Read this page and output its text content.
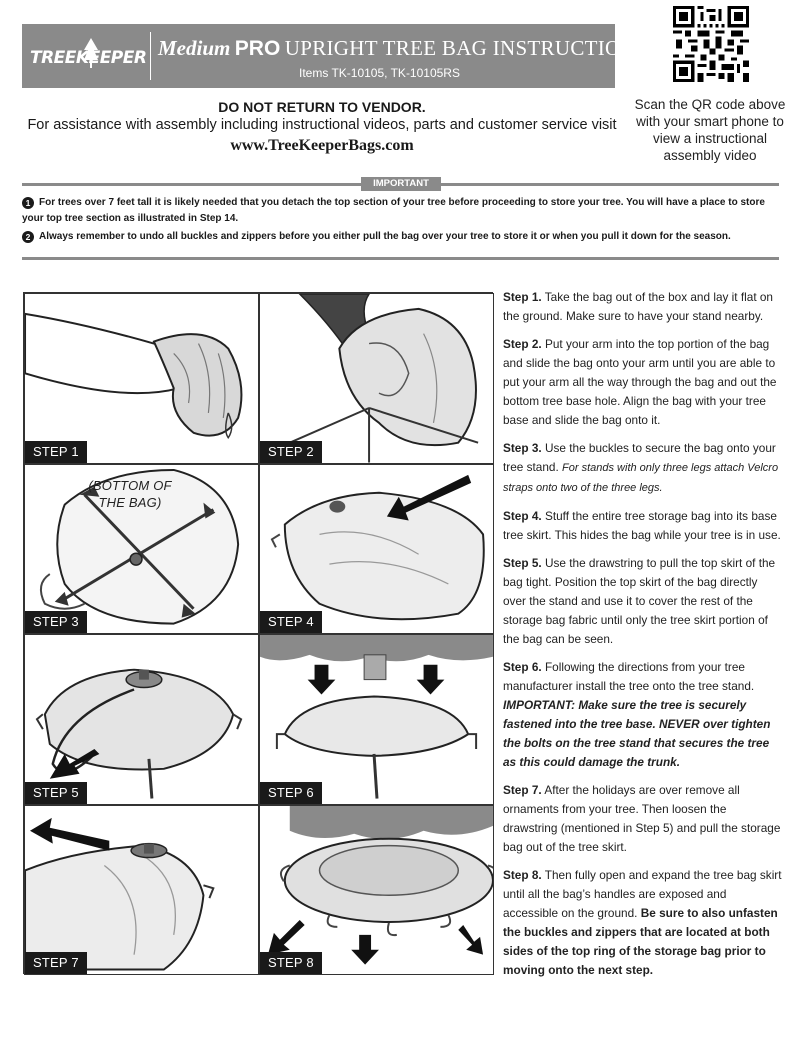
TREEKEEPER Medium PRO UPRIGHT TREE BAG INSTRUCTIONS
Items TK-10105, TK-10105RS
Scan the QR code above with your smart phone to view a instructional assembly video
DO NOT RETURN TO VENDOR.
For assistance with assembly including instructional videos, parts and customer service visit
www.TreeKeeperBags.com
IMPORTANT
1 For trees over 7 feet tall it is likely needed that you detach the top section of your tree before proceeding to store your tree. You will have a place to store your top tree section as illustrated in Step 14.
2 Always remember to undo all buckles and zippers before you either pull the bag over your tree to store it or when you pull it down for the season.
STEP 1	STEP 2
(BOTTOM OF THE BAG)
STEP 3	STEP 4
STEP 5	STEP 6
STEP 7	STEP 8

Step 1. Take the bag out of the box and lay it flat on the ground. Make sure to have your stand nearby.

Step 2. Put your arm into the top portion of the bag and slide the bag onto your arm until you are able to put your arm all the way through the bag and out the bottom tree base hole. Align the bag with your tree base and slide the bag onto it.

Step 3. Use the buckles to secure the bag onto your tree stand. For stands with only three legs attach Velcro straps onto two of the three legs.

Step 4. Stuff the entire tree storage bag into its base tree skirt. This hides the bag while your tree is in use.

Step 5. Use the drawstring to pull the top skirt of the bag tight. Position the top skirt of the bag directly over the stand and use it to cover the rest of the storage bag fabric until only the tree skirt portion of the bag can be seen.

Step 6. Following the directions from your tree manufacturer install the tree onto the tree stand. IMPORTANT: Make sure the tree is securely fastened into the tree base. NEVER over tighten the bolts on the tree stand that secures the tree as this could damage the trunk.

Step 7. After the holidays are over remove all ornaments from your tree. Then loosen the drawstring (mentioned in Step 5) and pull the storage bag out of the tree skirt.

Step 8. Then fully open and expand the tree bag skirt until all the bag’s handles are exposed and accessible on the ground. Be sure to also unfasten the buckles and zippers that are located at both sides of the top ring of the storage bag prior to moving onto the next step.
